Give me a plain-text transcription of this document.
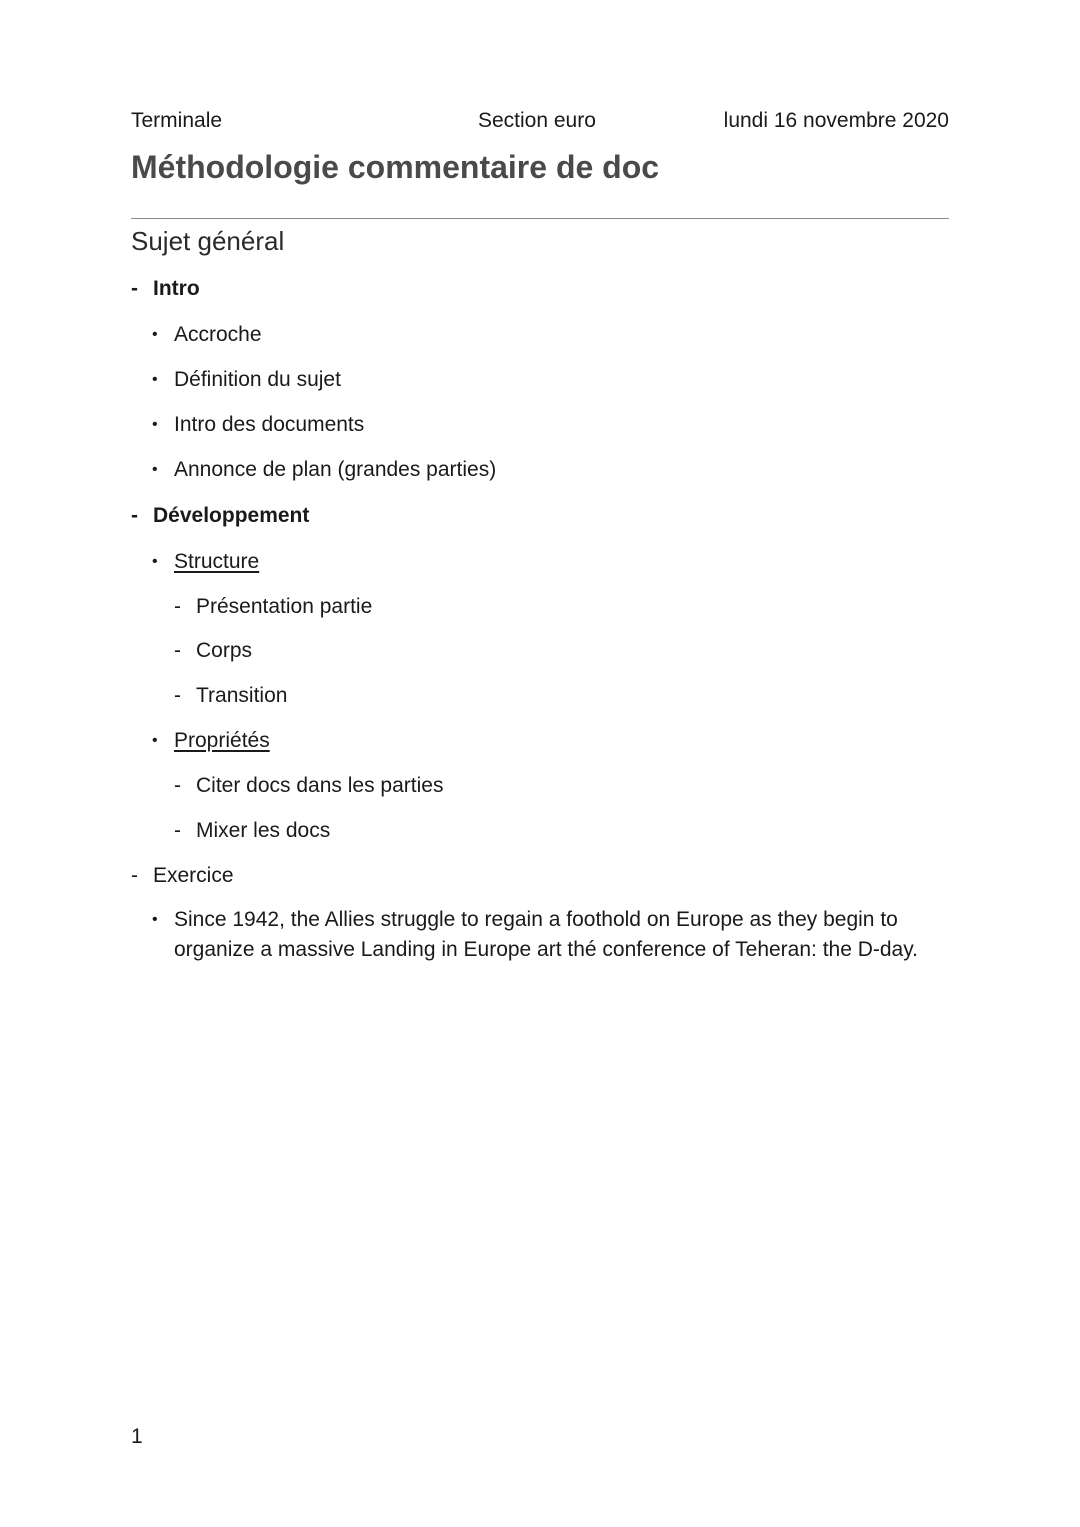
Terminale	Section euro	lundi 16 novembre 2020
Méthodologie commentaire de doc
Sujet général
- Intro
• Accroche
• Définition du sujet
• Intro des documents
• Annonce de plan (grandes parties)
- Développement
• Structure
- Présentation partie
- Corps
- Transition
• Propriétés
- Citer docs dans les parties
- Mixer les docs
- Exercice
• Since 1942, the Allies struggle to regain a foothold on Europe as they begin to organize a massive Landing in Europe art thé conference of Teheran: the D-day.
1
